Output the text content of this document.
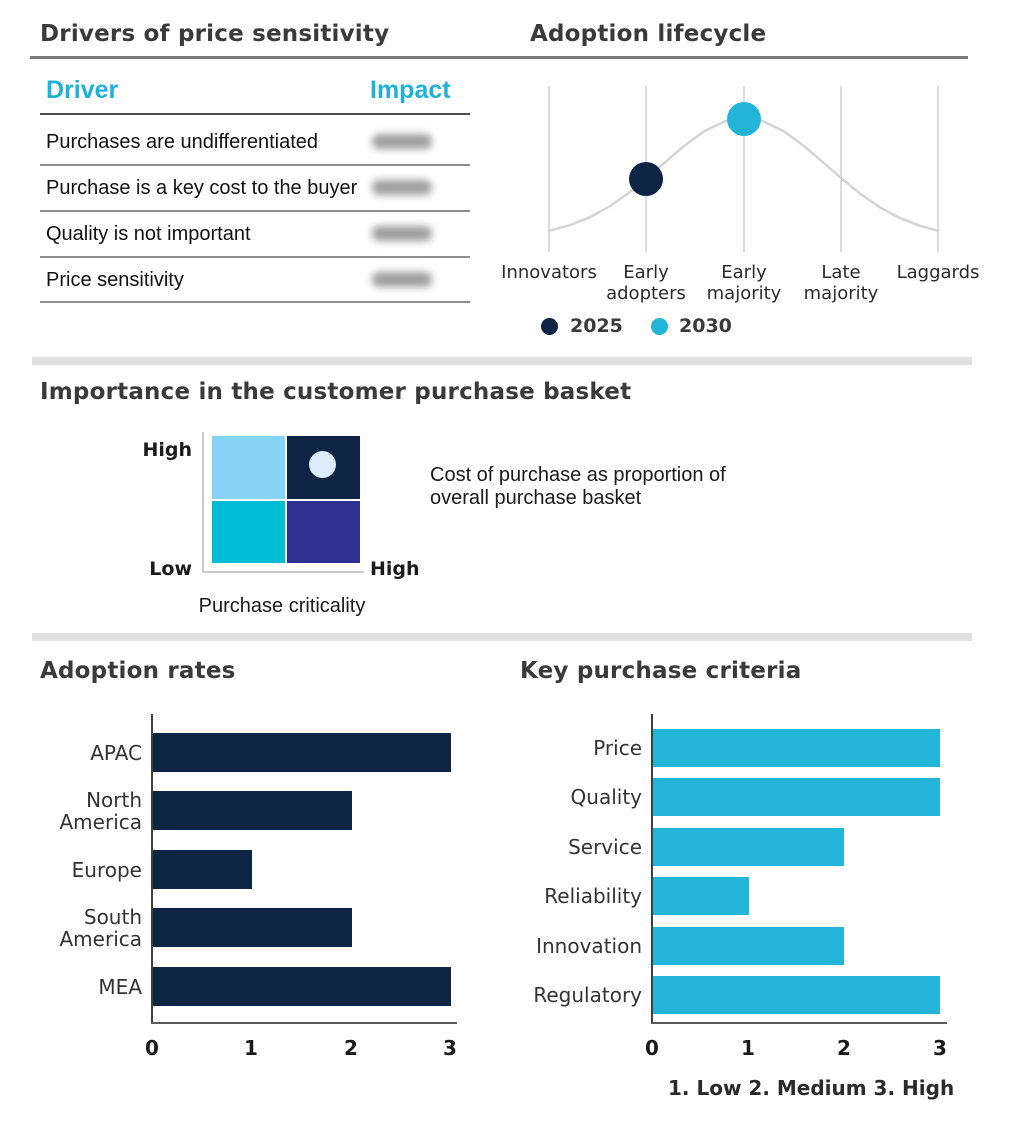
Drivers of price sensitivity	Adoption lifecycle
Driver	Impact
Purchases are undifferentiated
Purchase is a key cost to the buyer
Quality is not important
Price sensitivity	Innovators	Early
adopters
Early
majority
Late
majority
Laggards
2025	2030
Importance in the customer purchase basket
High
Low	High
Purchase criticality
Cost of purchase as proportion of overall purchase basket
Adoption rates
APAC
North
America
Europe
South
America
MEA
0	1	2	3
Key purchase criteria
Price
Quality
Service
Reliability
Innovation
Regulatory
0	1	2	3
1. Low 2. Medium 3. High
